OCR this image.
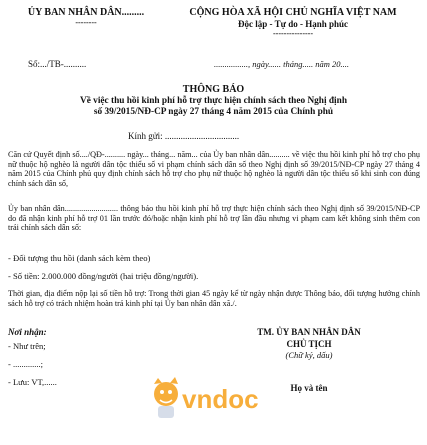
ỦY BAN NHÂN DÂN.........
--------
CỘNG HÒA XÃ HỘI CHỦ NGHĨA VIỆT NAM
Độc lập - Tự do - Hạnh phúc
---------------
Số:.../TB-..........	................, ngày...... tháng..... năm 20....
THÔNG BÁO
Về việc thu hồi kinh phí hỗ trợ thực hiện chính sách theo Nghị định
số 39/2015/NĐ-CP ngày 27 tháng 4 năm 2015 của Chính phủ
Kính gửi: .................................
Căn cứ Quyết định số..../QĐ-.......... ngày... tháng... năm... của Ủy ban nhân dân.......... về việc thu hồi kinh phí hỗ trợ cho phụ nữ thuộc hộ nghèo là người dân tộc thiểu số vi phạm chính sách dân số theo Nghị định số 39/2015/NĐ-CP ngày 27 tháng 4 năm 2015 của Chính phủ quy định chính sách hỗ trợ cho phụ nữ thuộc hộ nghèo là người dân tộc thiểu số khi sinh con đúng chính sách dân số,
Ủy ban nhân dân.......................... thông báo thu hồi kinh phí hỗ trợ thực hiện chính sách theo Nghị định số 39/2015/NĐ-CP do đã nhận kinh phí hỗ trợ 01 lần trước đó/hoặc nhận kinh phí hỗ trợ lần đầu nhưng vi phạm cam kết không sinh thêm con trái chính sách dân số:
- Đối tượng thu hồi (danh sách kèm theo)
- Số tiền: 2.000.000 đồng/người (hai triệu đồng/người).
Thời gian, địa điểm nộp lại số tiền hỗ trợ: Trong thời gian 45 ngày kể từ ngày nhận được Thông báo, đối tượng hưởng chính sách hỗ trợ có trách nhiệm hoàn trả kinh phí tại Ủy ban nhân dân xã./.
Nơi nhận:
- Như trên;
- .............;
- Lưu: VT,......
TM. ỦY BAN NHÂN DÂN
CHỦ TỊCH
(Chữ ký, dấu)
Họ và tên
vndoc
